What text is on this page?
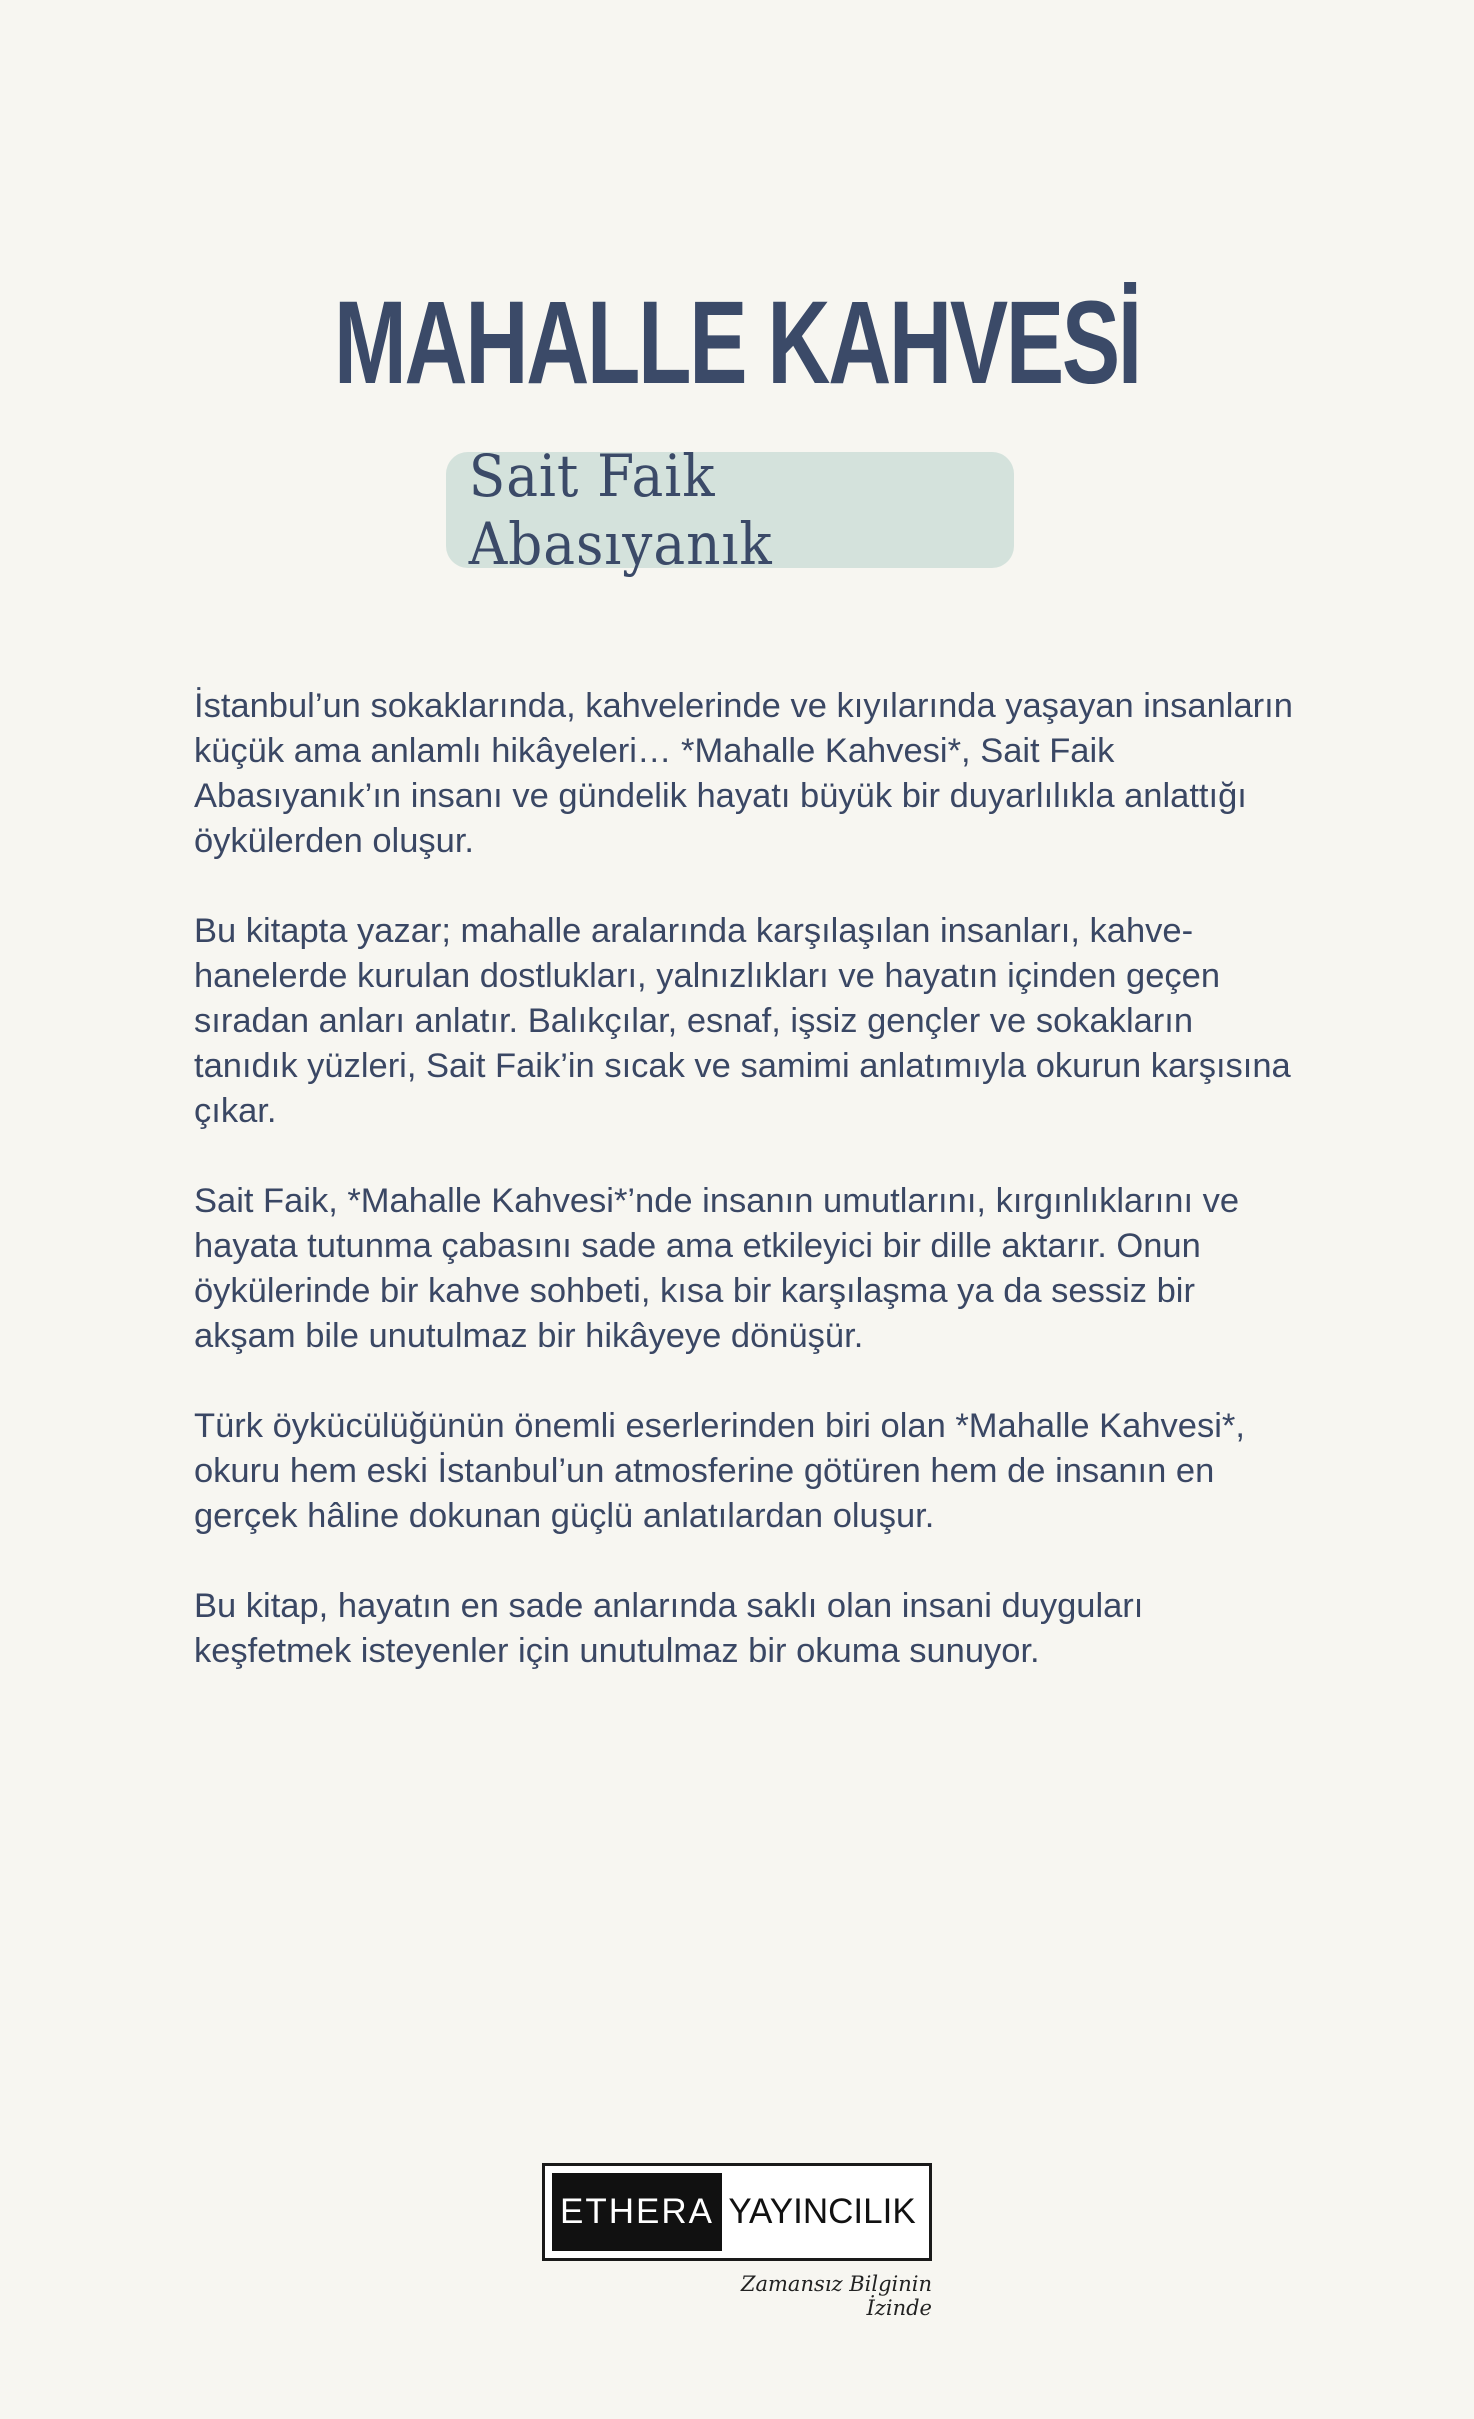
MAHALLE KAHVESİ
Sait Faik Abasıyanık

İstanbul’un sokaklarında, kahvelerinde ve kıyılarında yaşayan insanların küçük ama anlamlı hikâyeleri… *Mahalle Kahvesi*, Sait Faik Abasıyanık’ın insanı ve gündelik hayatı büyük bir duyarlılıkla anlattığı öykülerden oluşur.

Bu kitapta yazar; mahalle aralarında karşılaşılan insanları, kahve-hanelerde kurulan dostlukları, yalnızlıkları ve hayatın içinden geçen sıradan anları anlatır. Balıkçılar, esnaf, işsiz gençler ve sokakların tanıdık yüzleri, Sait Faik’in sıcak ve samimi anlatımıyla okurun karşısına çıkar.

Sait Faik, *Mahalle Kahvesi*’nde insanın umutlarını, kırgınlıklarını ve hayata tutunma çabasını sade ama etkileyici bir dille aktarır. Onun öykülerinde bir kahve sohbeti, kısa bir karşılaşma ya da sessiz bir akşam bile unutulmaz bir hikâyeye dönüşür.

Türk öykücülüğünün önemli eserlerinden biri olan *Mahalle Kahvesi*, okuru hem eski İstanbul’un atmosferine götüren hem de insanın en gerçek hâline dokunan güçlü anlatılardan oluşur.

Bu kitap, hayatın en sade anlarında saklı olan insani duyguları keşfetmek isteyenler için unutulmaz bir okuma sunuyor.

ETHERA YAYINCILIK
Zamansız Bilginin İzinde
